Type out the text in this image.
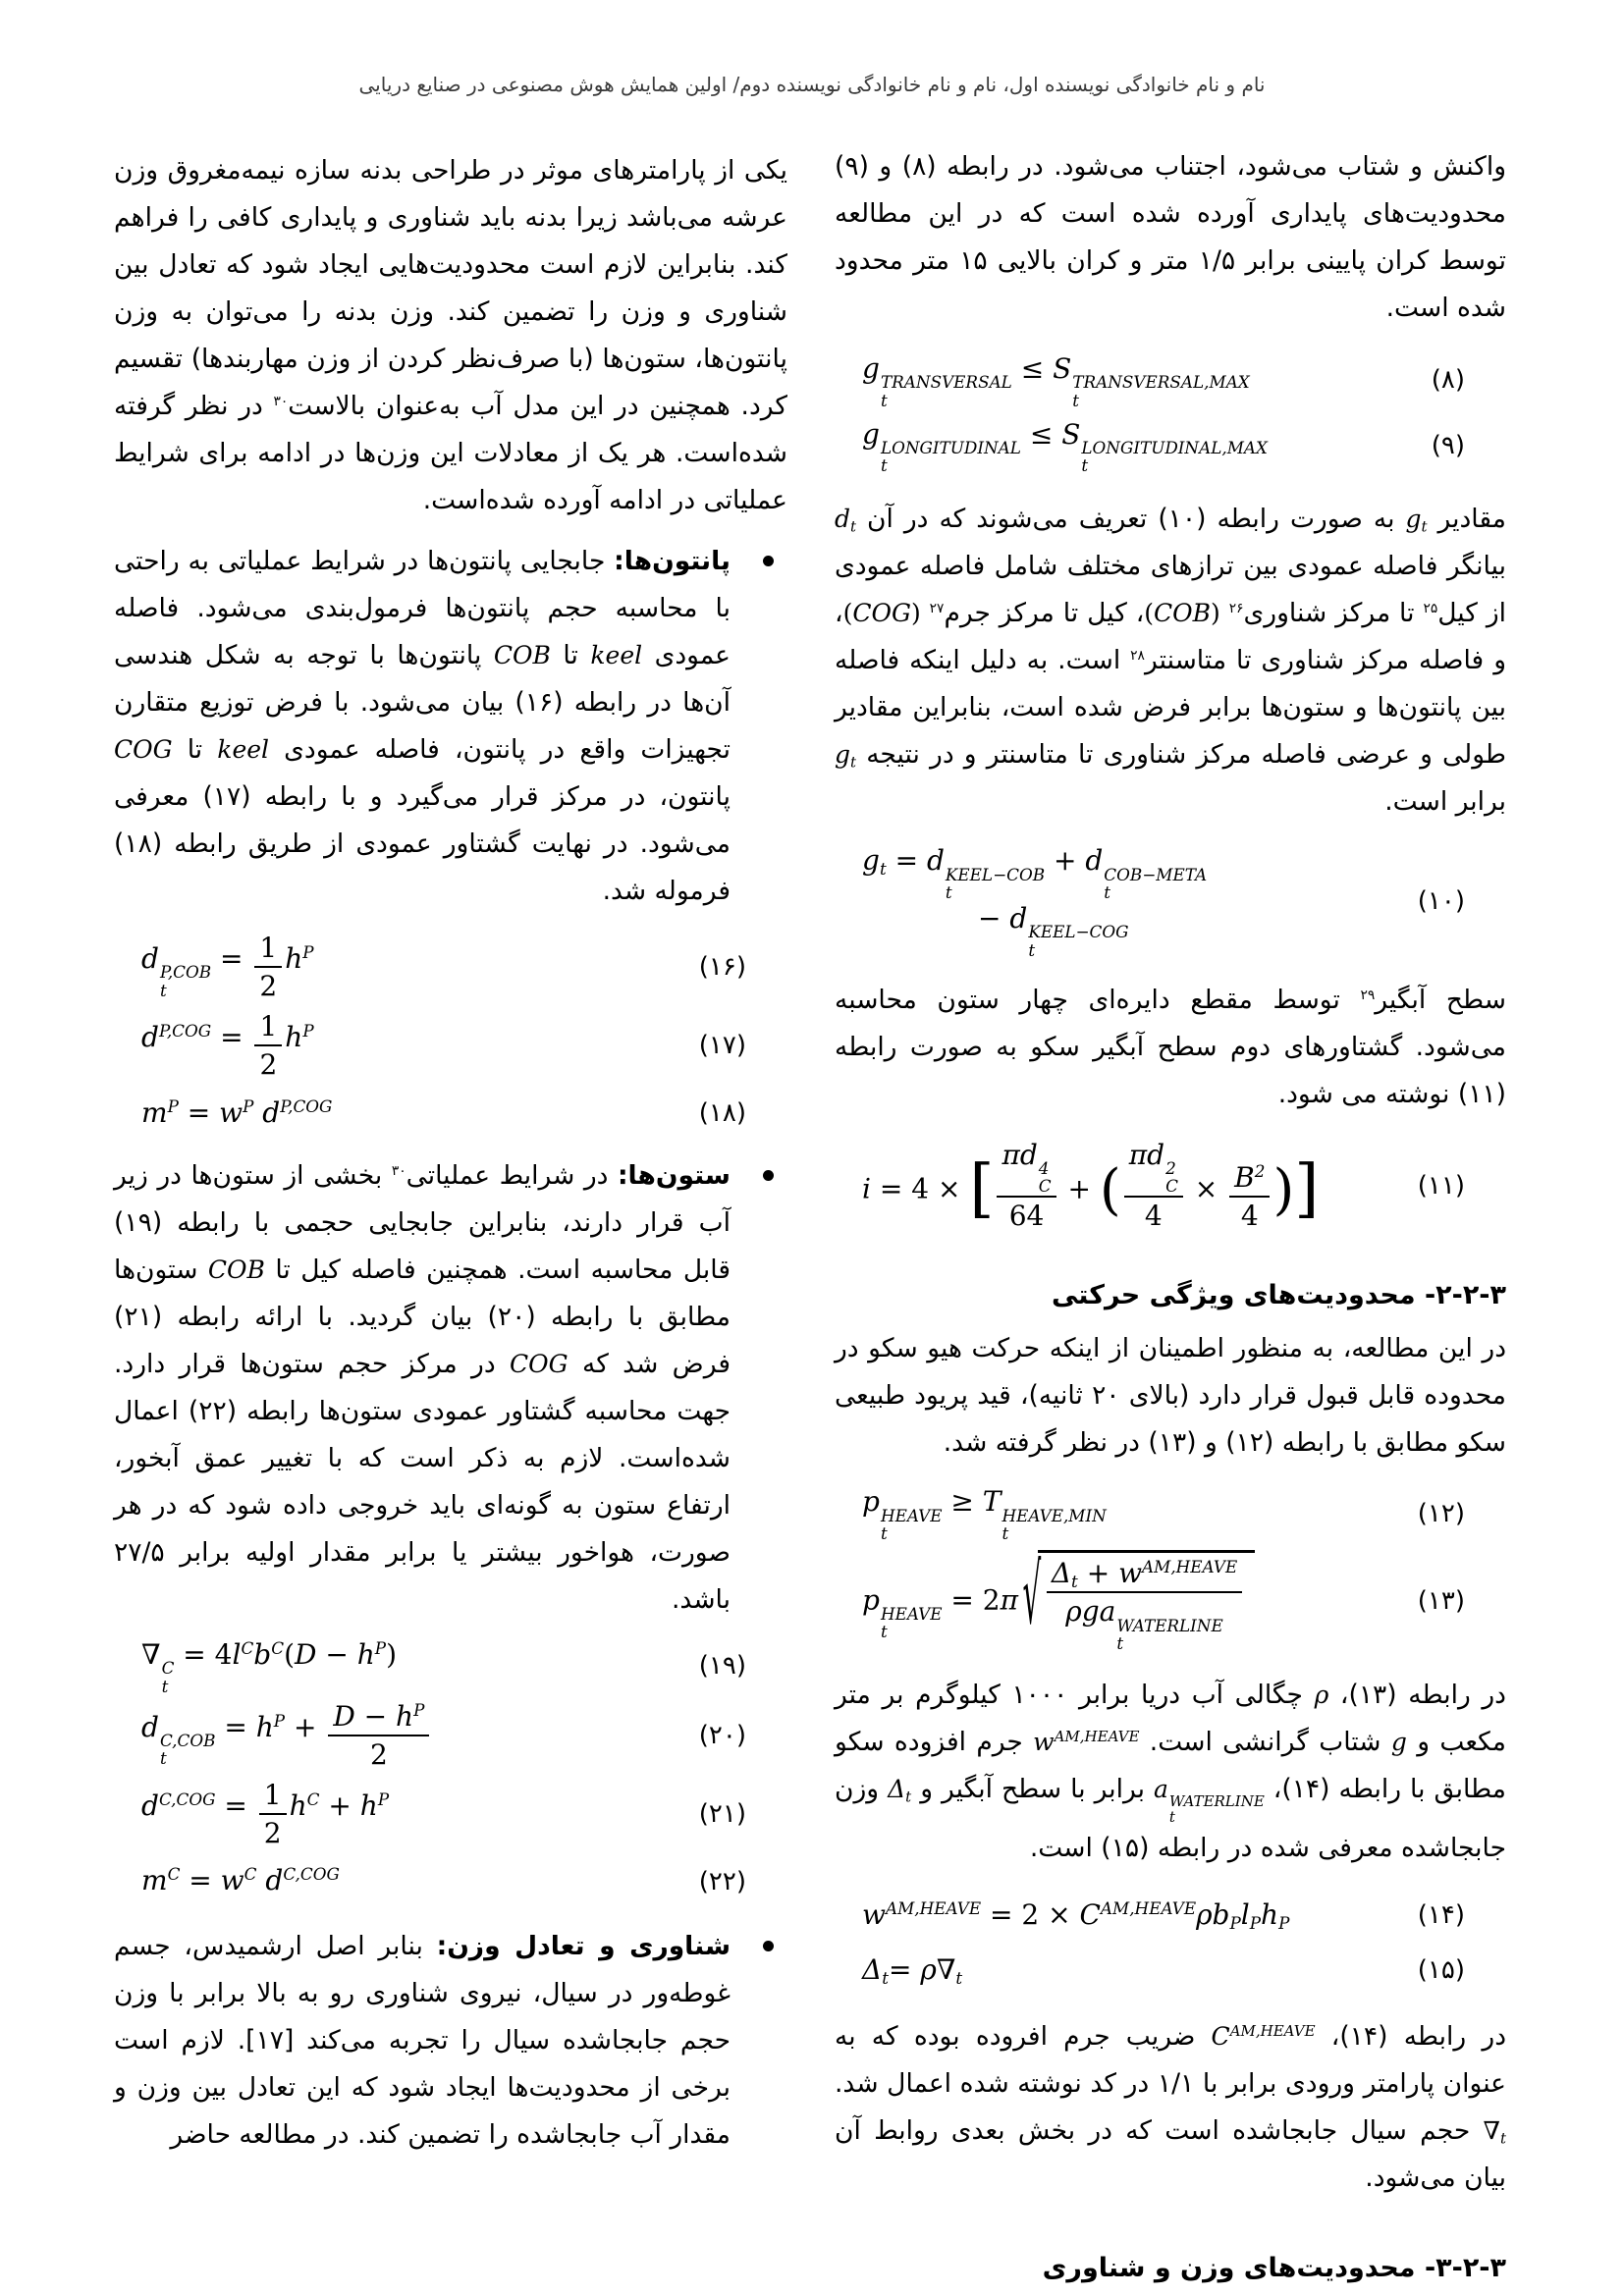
نام و نام خانوادگی نویسنده اول، نام و نام خانوادگی نویسنده دوم/ اولین همایش هوش مصنوعی در صنایع دریایی
واکنش و شتاب می‌شود، اجتناب می‌شود. در رابطه (۸) و (۹) محدودیت‌های پایداری آورده شده است که در این مطالعه توسط کران پایینی برابر ۱/۵ متر و کران بالایی ۱۵ متر محدود شده است.
g TRANSVERSAL
t
≤ S TRANSVERSAL,MAX
t
(۸)
g LONGITUDINAL
t
≤ S LONGITUDINAL,MAX
t
(۹)
مقادیر $g_t$ به صورت رابطه (۱۰) تعریف می‌شوند که در آن $d_t$ بیانگر فاصله عمودی بین ترازهای مختلف شامل فاصله عمودی از کیل$^{۲۵}$ تا مرکز شناوری$^{۲۶}$ (COB)، کیل تا مرکز جرم$^{۲۷}$ (COG)، و فاصله مرکز شناوری تا متاسنتر$^{۲۸}$ است. به دلیل اینکه فاصله بین پانتون‌ها و ستون‌ها برابر فرض شده است، بنابراین مقادیر طولی و عرضی فاصله مرکز شناوری تا متاسنتر و در نتیجه $g_t$ برابر است.
$g_t = d$ KEEL−COB
t
+ d COB−META
t
− d KEEL−COG
t
(۱۰)
سطح آبگیر$^{۲۹}$ توسط مقطع دایره‌ای چهار ستون محاسبه می‌شود. گشتاورهای دوم سطح آبگیر سکو به صورت رابطه (۱۱) نوشته می شود.
i = 4 × [ πd 4
C
64 + ( πd 2
C
$4 \times \frac{B^2}{4}$ )]	(۱۱)
۳-۲-۲- محدودیت‌های ویژگی حرکتی
در این مطالعه، به منظور اطمینان از اینکه حرکت هیو سکو در محدوده قابل قبول قرار دارد (بالای ۲۰ ثانیه)، قید پریود طبیعی سکو مطابق با رابطه (۱۲) و (۱۳) در نظر گرفته شد.
p HEAVE
t
≥ T HEAVE,MIN
t
(۱۲)
p HEAVE
t
= 2π √ $\Delta_t + w^{AM,HEAVE}$
ρga WATERLINE
t	(۱۳)
در رابطه (۱۳)، ρ چگالی آب دریا برابر ۱۰۰۰ کیلوگرم بر متر مکعب و g شتاب گرانشی است. $w^{AM,HEAVE}$ جرم افزوده سکو مطابق با رابطه (۱۴)، a WATERLINE
t
برابر با سطح آبگیر و $\Delta_t$ وزن جابجاشده معرفی شده در رابطه (۱۵) است.
$w^{AM,HEAVE} = 2 \times C^{AM,HEAVE}\rho b_Pl_Ph_P$	(۱۴)
$\Delta_t= \rho\nabla_t$	(۱۵)
در رابطه (۱۴)، $C^{AM,HEAVE}$ ضریب جرم افروده بوده که به عنوان پارامتر ورودی برابر با ۱/۱ در کد نوشته شده اعمال شد. $\nabla_t$ حجم سیال جابجاشده است که در بخش بعدی روابط آن بیان می‌شود.
۳-۲-۳- محدودیت‌های وزن و شناوری
یکی از پارامترهای موثر در طراحی بدنه سازه نیمه‌مغروق وزن عرشه می‌باشد زیرا بدنه باید شناوری و پایداری کافی را فراهم کند. بنابراین لازم است محدودیت‌هایی ایجاد شود که تعادل بین شناوری و وزن را تضمین کند. وزن بدنه را می‌توان به وزن پانتون‌ها، ستون‌ها (با صرف‌نظر کردن از وزن مهاربندها) تقسیم کرد. همچنین در این مدل آب به‌عنوان بالاست$^{۳۰}$ در نظر گرفته شده‌است. هر یک از معادلات این وزن‌ها در ادامه برای شرایط عملیاتی در ادامه آورده شده‌است.
پانتون‌ها: جابجایی پانتون‌ها در شرایط عملیاتی به راحتی با محاسبه حجم پانتون‌ها فرمول‌بندی می‌شود. فاصله عمودی keel تا COB پانتون‌ها با توجه به شکل هندسی آن‌ها در رابطه (۱۶) بیان می‌شود. با فرض توزیع متقارن تجهیزات واقع در پانتون، فاصله عمودی keel تا COG پانتون، در مرکز قرار می‌گیرد و با رابطه (۱۷) معرفی می‌شود. در نهایت گشتاور عمودی از طریق رابطه (۱۸) فرموله شد.
d P,COB
t
= $\frac{1}{2} h^P$
(۱۶)
$d^{P,COG} = \frac{1}{2} h^P$
(۱۷)
$m^P = w^P$ $d^{P,COG}$	(۱۸)
ستون‌ها: در شرایط عملیاتی$^{۳۰}$ بخشی از ستون‌ها در زیر آب قرار دارند، بنابراین جابجایی حجمی با رابطه (۱۹) قابل محاسبه است. همچنین فاصله کیل تا COB ستون‌ها مطابق با رابطه (۲۰) بیان گردید. با ارائه رابطه (۲۱) فرض شد که COG در مرکز حجم ستون‌ها قرار دارد. جهت محاسبه گشتاور عمودی ستون‌ها رابطه (۲۲) اعمال شده‌است. لازم به ذکر است که با تغییر عمق آبخور، ارتفاع ستون به گونه‌ای باید خروجی داده شود که در هر صورت، هواخور بیشتر یا برابر مقدار اولیه برابر ۲۷/۵ باشد.
∇ C
t
= $4l^Cb^C(D - h^P)$	(۱۹)
d C,COB
t
= $h^P + \frac{D - h^P}{2}$	(۲۰)
$d^{C,COG} = \frac{1}{2} h^C + h^P$
(۲۱)
$m^C = w^C$ $d^{C,COG}$	(۲۲)
شناوری و تعادل وزن: بنابر اصل ارشمیدس، جسم غوطه‌ور در سیال، نیروی شناوری رو به بالا برابر با وزن حجم جابجاشده سیال را تجربه می‌کند [۱۷]. لازم است برخی از محدودیت‌ها ایجاد شود که این تعادل بین وزن و مقدار آب جابجاشده را تضمین کند. در مطالعه حاضر
